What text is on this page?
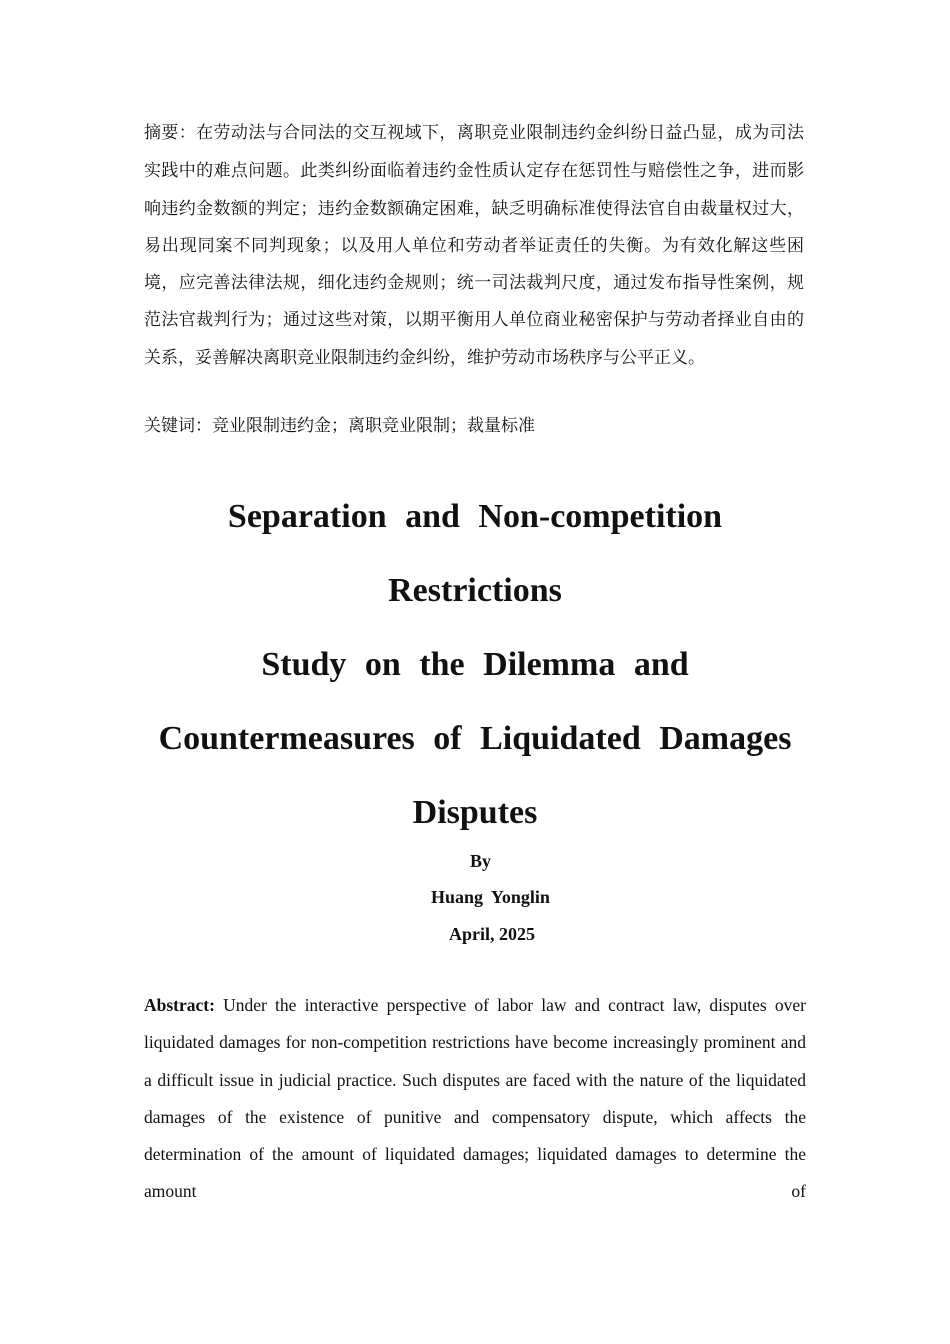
摘要：在劳动法与合同法的交互视域下，离职竞业限制违约金纠纷日益凸显，成为司法实践中的难点问题。此类纠纷面临着违约金性质认定存在惩罚性与赔偿性之争，进而影响违约金数额的判定；违约金数额确定困难，缺乏明确标准使得法官自由裁量权过大，易出现同案不同判现象；以及用人单位和劳动者举证责任的失衡。为有效化解这些困境，应完善法律法规，细化违约金规则；统一司法裁判尺度，通过发布指导性案例，规范法官裁判行为；通过这些对策，以期平衡用人单位商业秘密保护与劳动者择业自由的关系，妥善解决离职竞业限制违约金纠纷，维护劳动市场秩序与公平正义。

关键词：竞业限制违约金；离职竞业限制；裁量标准

Separation and Non-competition
Restrictions
Study on the Dilemma and Countermeasures of Liquidated Damages Disputes
By
Huang Yonglin
April, 2025

Abstract: Under the interactive perspective of labor law and contract law, disputes over liquidated damages for non-competition restrictions have become increasingly prominent and a difficult issue in judicial practice. Such disputes are faced with the nature of the liquidated damages of the existence of punitive and compensatory dispute, which affects the determination of the amount of liquidated damages; liquidated damages to determine the amount of
